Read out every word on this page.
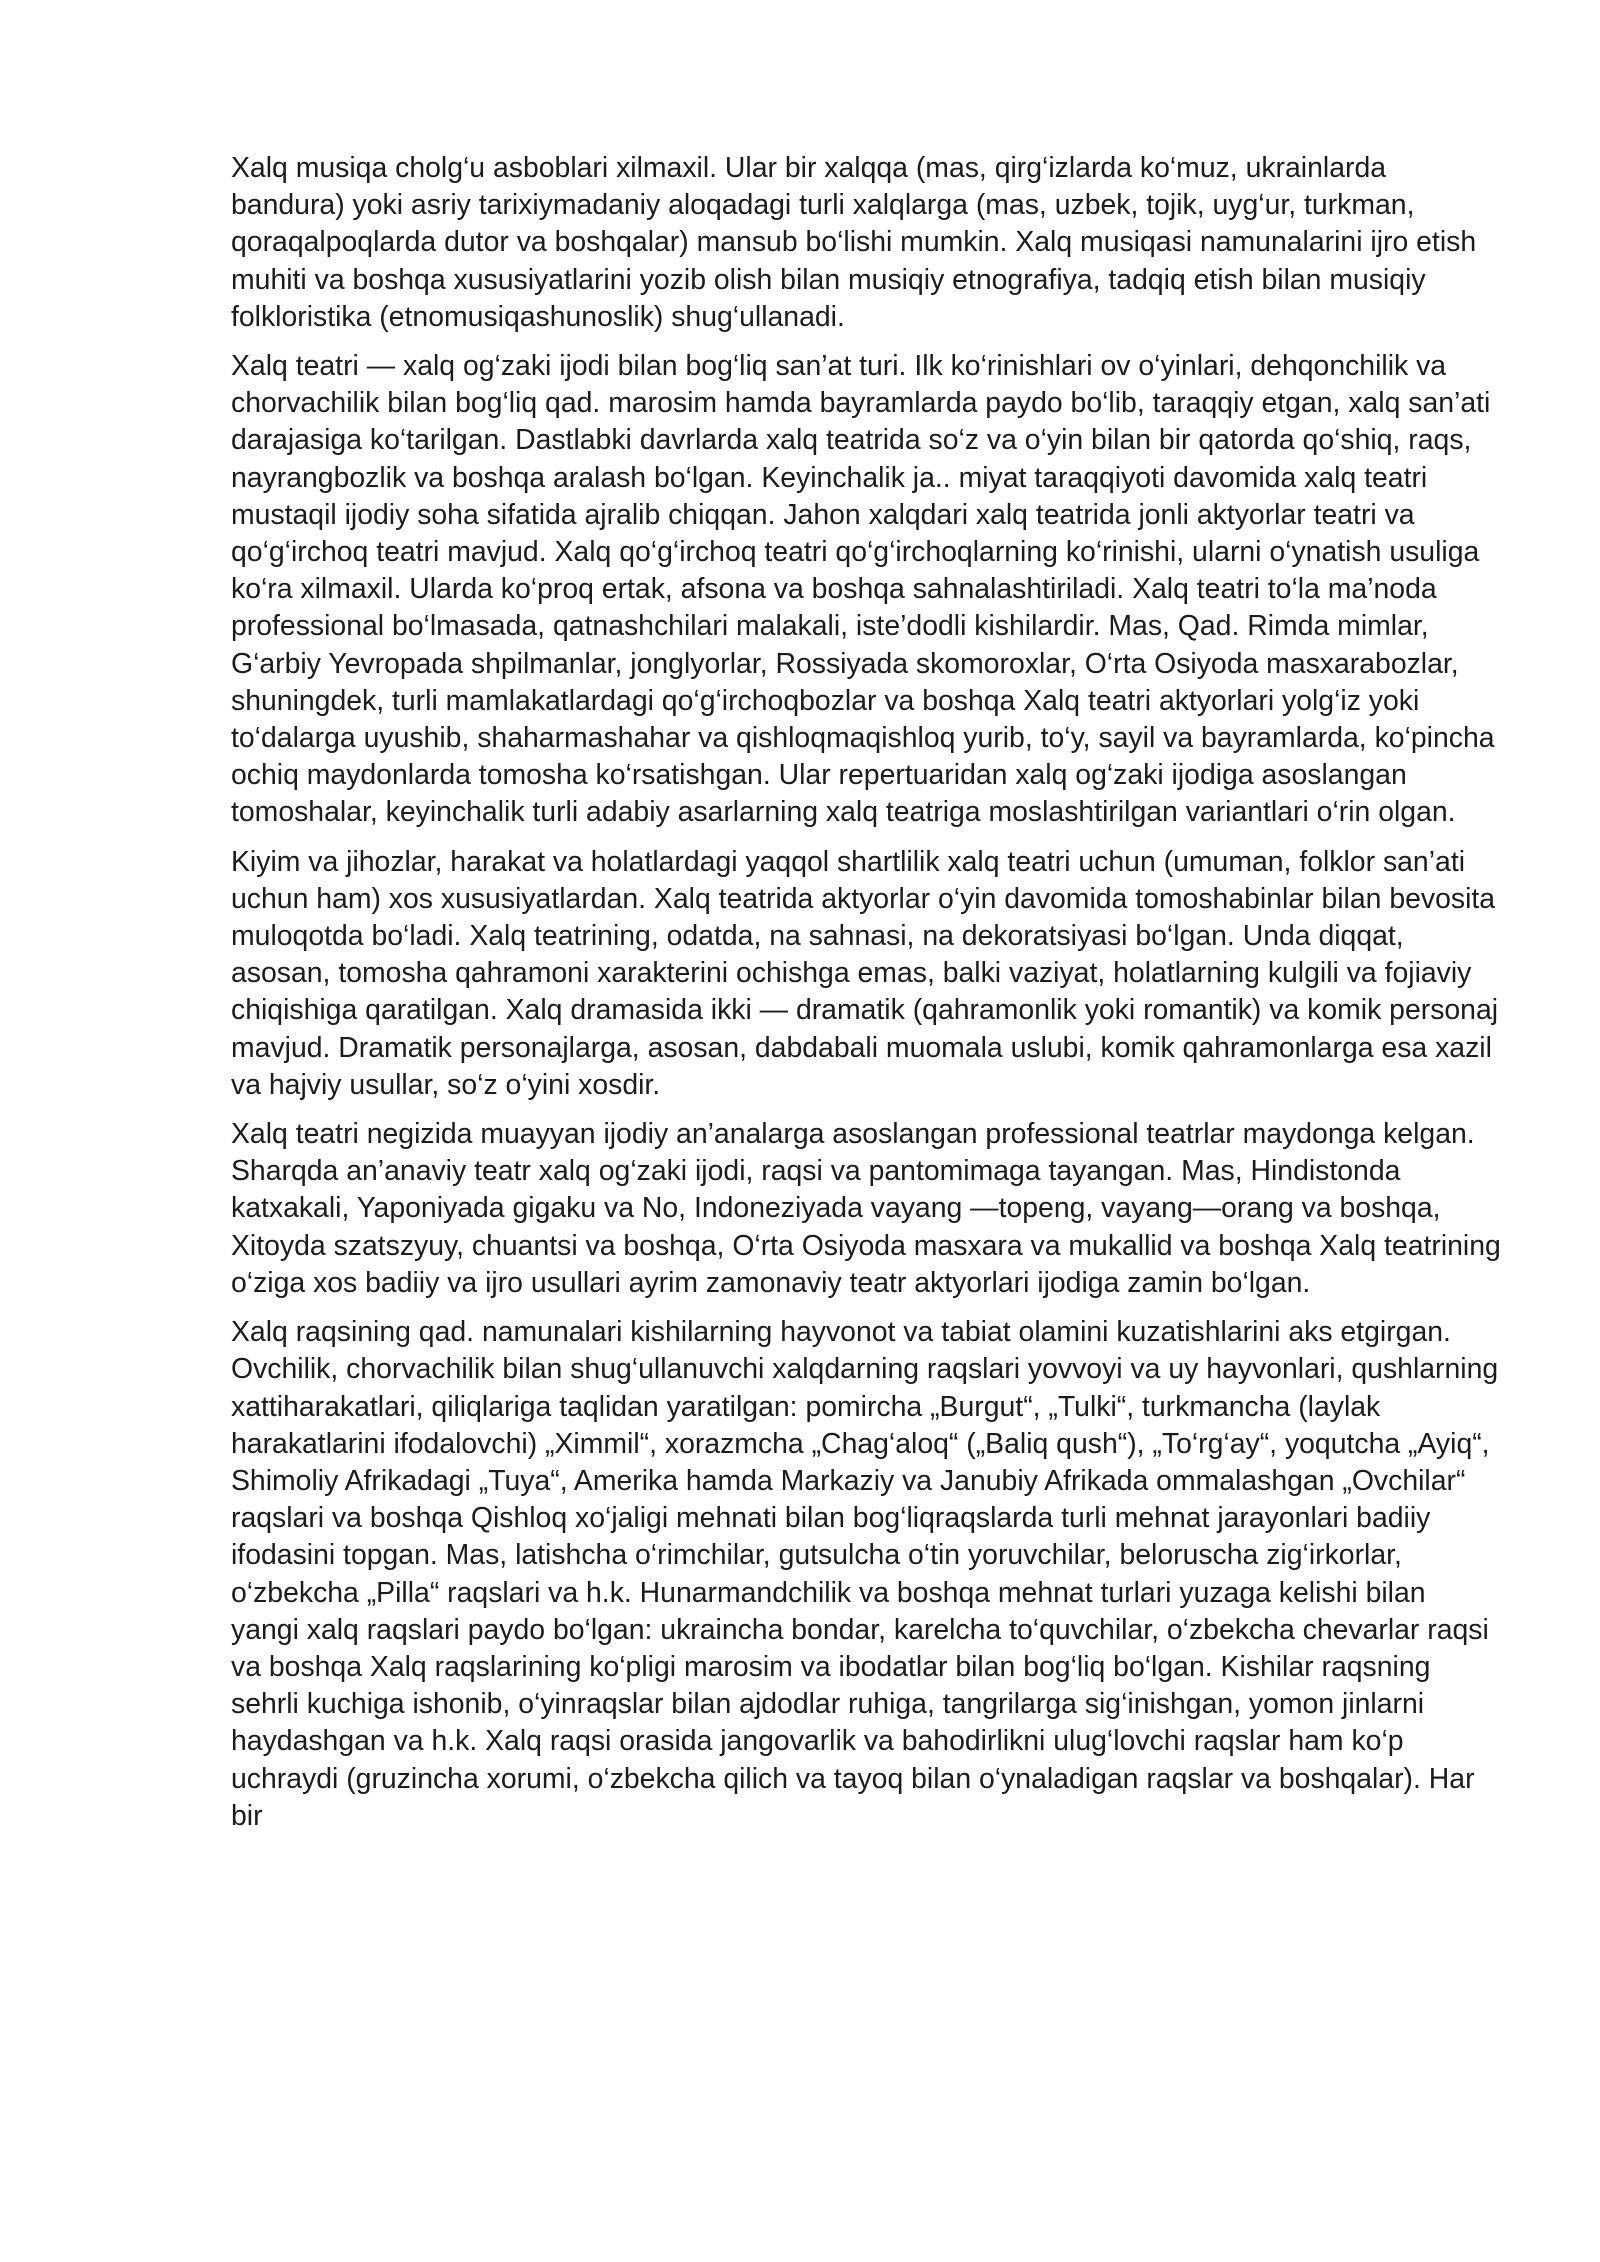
Xalq musiqa cholg‘u asboblari xilmaxil. Ular bir xalqqa (mas, qirg‘izlarda ko‘muz, ukrainlarda bandura) yoki asriy tarixiymadaniy aloqadagi turli xalqlarga (mas, uzbek, tojik, uyg‘ur, turkman, qoraqalpoqlarda dutor va boshqalar) mansub bo‘lishi mumkin. Xalq musiqasi namunalarini ijro etish muhiti va boshqa xususiyatlarini yozib olish bilan musiqiy etnografiya, tadqiq etish bilan musiqiy folkloristika (etnomusiqashunoslik) shug‘ullanadi.

Xalq teatri — xalq og‘zaki ijodi bilan bog‘liq san’at turi. Ilk ko‘rinishlari ov o‘yinlari, dehqonchilik va chorvachilik bilan bog‘liq qad. marosim hamda bayramlarda paydo bo‘lib, taraqqiy etgan, xalq san’ati darajasiga ko‘tarilgan. Dastlabki davrlarda xalq teatrida so‘z va o‘yin bilan bir qatorda qo‘shiq, raqs, nayrangbozlik va boshqa aralash bo‘lgan. Keyinchalik ja.. miyat taraqqiyoti davomida xalq teatri mustaqil ijodiy soha sifatida ajralib chiqqan. Jahon xalqdari xalq teatrida jonli aktyorlar teatri va qo‘g‘irchoq teatri mavjud. Xalq qo‘g‘irchoq teatri qo‘g‘irchoqlarning ko‘rinishi, ularni o‘ynatish usuliga ko‘ra xilmaxil. Ularda ko‘proq ertak, afsona va boshqa sahnalashtiriladi. Xalq teatri to‘la ma’noda professional bo‘lmasada, qatnashchilari malakali, iste’dodli kishilardir. Mas, Qad. Rimda mimlar, G‘arbiy Yevropada shpilmanlar, jonglyorlar, Rossiyada skomoroxlar, O‘rta Osiyoda masxarabozlar, shuningdek, turli mamlakatlardagi qo‘g‘irchoqbozlar va boshqa Xalq teatri aktyorlari yolg‘iz yoki to‘dalarga uyushib, shaharmashahar va qishloqmaqishloq yurib, to‘y, sayil va bayramlarda, ko‘pincha ochiq maydonlarda tomosha ko‘rsatishgan. Ular repertuaridan xalq og‘zaki ijodiga asoslangan tomoshalar, keyinchalik turli adabiy asarlarning xalq teatriga moslashtirilgan variantlari o‘rin olgan.

Kiyim va jihozlar, harakat va holatlardagi yaqqol shartlilik xalq teatri uchun (umuman, folklor san’ati uchun ham) xos xususiyatlardan. Xalq teatrida aktyorlar o‘yin davomida tomoshabinlar bilan bevosita muloqotda bo‘ladi. Xalq teatrining, odatda, na sahnasi, na dekoratsiyasi bo‘lgan. Unda diqqat, asosan, tomosha qahramoni xarakterini ochishga emas, balki vaziyat, holatlarning kulgili va fojiaviy chiqishiga qaratilgan. Xalq dramasida ikki — dramatik (qahramonlik yoki romantik) va komik personaj mavjud. Dramatik personajlarga, asosan, dabdabali muomala uslubi, komik qahramonlarga esa xazil va hajviy usullar, so‘z o‘yini xosdir.

Xalq teatri negizida muayyan ijodiy an’analarga asoslangan professional teatrlar maydonga kelgan. Sharqda an’anaviy teatr xalq og‘zaki ijodi, raqsi va pantomimaga tayangan. Mas, Hindistonda katxakali, Yaponiyada gigaku va No, Indoneziyada vayang —topeng, vayang—orang va boshqa, Xitoyda szatszyuy, chuantsi va boshqa, O‘rta Osiyoda masxara va mukallid va boshqa Xalq teatrining o‘ziga xos badiiy va ijro usullari ayrim zamonaviy teatr aktyorlari ijodiga zamin bo‘lgan.

Xalq raqsining qad. namunalari kishilarning hayvonot va tabiat olamini kuzatishlarini aks etgirgan. Ovchilik, chorvachilik bilan shug‘ullanuvchi xalqdarning raqslari yovvoyi va uy hayvonlari, qushlarning xattiharakatlari, qiliqlariga taqlidan yaratilgan: pomircha „Burgut“, „Tulki“, turkmancha (laylak harakatlarini ifodalovchi) „Ximmil“, xorazmcha „Chag‘aloq“ („Baliq qush“), „To‘rg‘ay“, yoqutcha „Ayiq“, Shimoliy Afrikadagi „Tuya“, Amerika hamda Markaziy va Janubiy Afrikada ommalashgan „Ovchilar“ raqslari va boshqa Qishloq xo‘jaligi mehnati bilan bog‘liqraqslarda turli mehnat jarayonlari badiiy ifodasini topgan. Mas, latishcha o‘rimchilar, gutsulcha o‘tin yoruvchilar, beloruscha zig‘irkorlar, o‘zbekcha „Pilla“ raqslari va h.k. Hunarmandchilik va boshqa mehnat turlari yuzaga kelishi bilan yangi xalq raqslari paydo bo‘lgan: ukraincha bondar, karelcha to‘quvchilar, o‘zbekcha chevarlar raqsi va boshqa Xalq raqslarining ko‘pligi marosim va ibodatlar bilan bog‘liq bo‘lgan. Kishilar raqsning sehrli kuchiga ishonib, o‘yinraqslar bilan ajdodlar ruhiga, tangrilarga sig‘inishgan, yomon jinlarni haydashgan va h.k. Xalq raqsi orasida jangovarlik va bahodirlikni ulug‘lovchi raqslar ham ko‘p uchraydi (gruzincha xorumi, o‘zbekcha qilich va tayoq bilan o‘ynaladigan raqslar va boshqalar). Har bir
